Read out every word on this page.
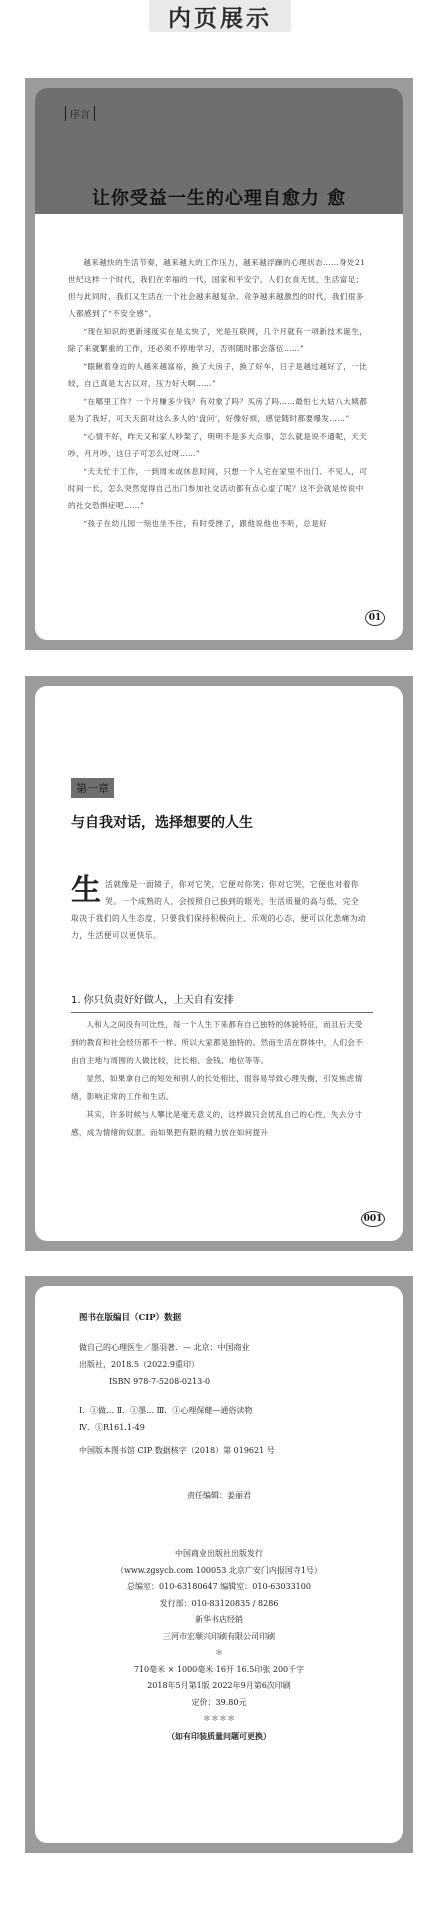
内页展示
序言
让你受益一生的心理自愈力 愈

越来越快的生活节奏，越来越大的工作压力，越来越浮躁的心理状态……身处21世纪这样一个时代，我们在幸福的一代，国家和平安宁，人们衣食无忧，生活富足；但与此同时，我们又生活在一个社会越来越复杂、竞争越来越激烈的时代，我们很多人都感到了“不安全感”。

“现在知识的更新速度实在是太快了，光是互联网，几个月就有一项新技术诞生，除了来就繁重的工作，还必须不停地学习，否则随时都会落伍……”

“眼瞅着身边的人越来越富裕，换了大房子，换了好车，日子是越过越好了，一比较，自己真是太古以对，压力好大啊……”

“在哪里工作？一个月赚多少钱？有对象了吗？买房了吗……最怕七大姑八大姨都是为了我好，可天天面对这么多人的‘盘问’，好像好烦，感觉随时都要爆发……”

“心情不好，昨天又和家人吵架了，明明不是多大点事，怎么就是说不通呢，天天吵，月月吵，这日子可怎么过呀……”

“天天忙于工作，一到周末或休息时间，只想一个人宅在家里不出门、不见人，可时间一长，怎么突然觉得自己出门参加社交活动都有点心虚了呢？这不会就是传说中的社交恐惧症吧……”

“孩子在幼儿园一刻也坐不住，有时受挫了，跟他说他也不听，总是好

01
第一章
与自我对话，选择想要的人生
生 活就像是一面镜子，你对它笑，它便对你笑；你对它哭，它便也对着你哭。一个成熟的人，会按照自己独到的眼光，生活质量的高与低，完全取决于我们的人生态度，只要我们保持积极向上、乐观的心态，便可以化悲痛为动力，生活便可以更快乐。

1. 你只负责好好做人，上天自有安排

人和人之间没有可比性，每一个人生下来都有自己独特的体貌特征，而且后天受到的教育和社会经历都不一样。所以大家都是独特的。然而生活在群体中，人们会不由自主地与周围的人做比较，比长相、金钱、地位等等。

显然，如果拿自己的短处和别人的长处相比，很容易导致心理失衡，引发焦虑情绪，影响正常的工作和生活。

其实，许多时候与人攀比是毫无意义的，这样做只会扰乱自己的心性，失去分寸感，成为情绪的奴隶。而如果把有限的精力放在如何提升

001
图书在版编目（CIP）数据
做自己的心理医生／墨羽著．— 北京：中国商业
出版社，2018.5（2022.9重印）
ISBN 978-7-5208-0213-0
Ⅰ．①做… Ⅱ．①墨… Ⅲ．①心理保健—通俗读物
Ⅳ．①R161.1-49
中国版本图书馆 CIP 数据核字（2018）第 019621 号
责任编辑：姜丽君
中国商业出版社出版发行
（www.zgsycb.com 100053 北京广安门内报国寺1号）
总编室：010-63180647 编辑室：010-63033100
发行部：010-83120835 / 8286
新华书店经销
三河市宏顺兴印刷有限公司印刷
＊
710毫米 × 1000毫米 16开 16.5印张 200千字
2018年5月第1版 2022年9月第6次印刷
定价：39.80元
＊＊＊＊
（如有印装质量问题可更换）
